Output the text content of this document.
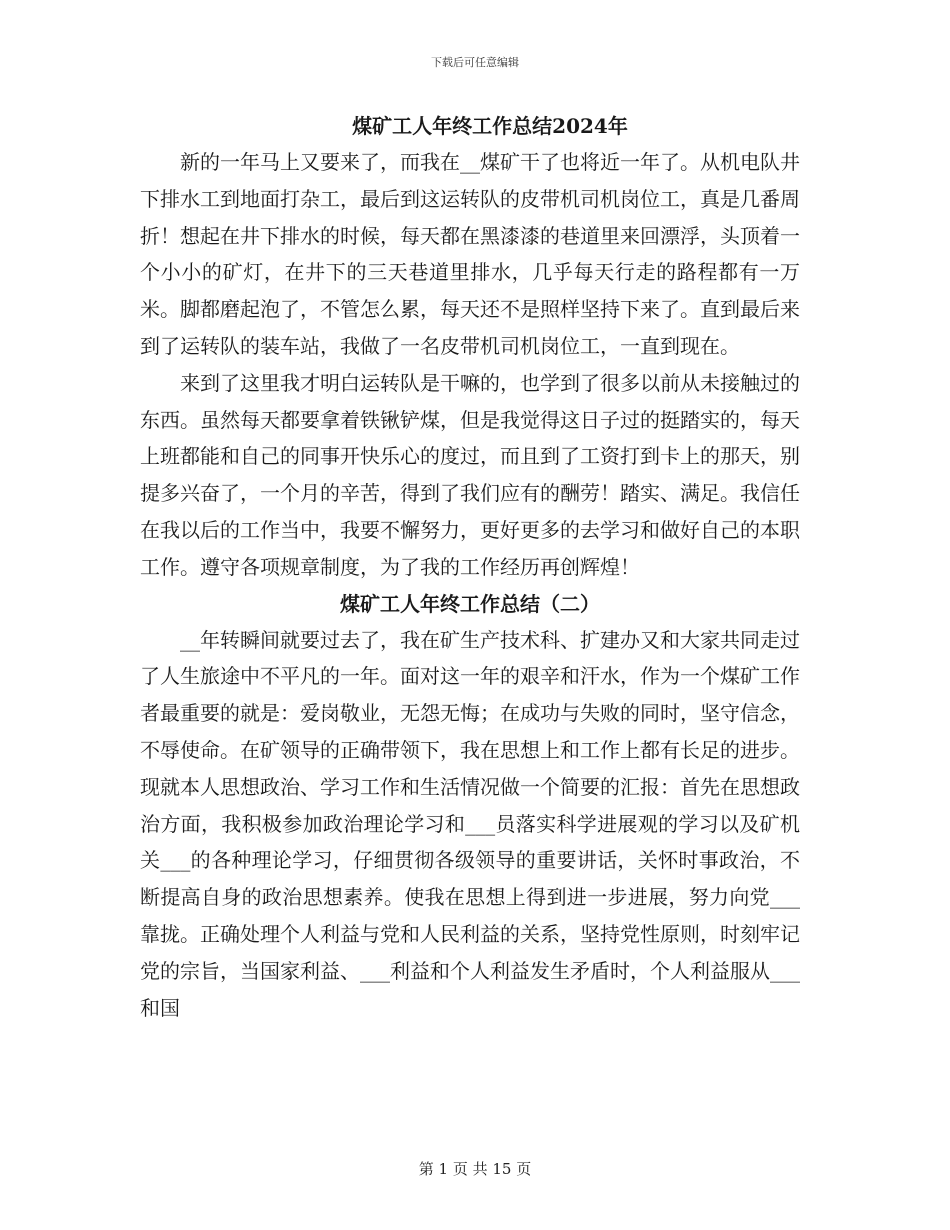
下载后可任意编辑
煤矿工人年终工作总结2024年

新的一年马上又要来了，而我在__煤矿干了也将近一年了。从机电队井下排水工到地面打杂工，最后到这运转队的皮带机司机岗位工，真是几番周折！想起在井下排水的时候，每天都在黑漆漆的巷道里来回漂浮，头顶着一个小小的矿灯，在井下的三天巷道里排水，几乎每天行走的路程都有一万米。脚都磨起泡了，不管怎么累，每天还不是照样坚持下来了。直到最后来到了运转队的装车站，我做了一名皮带机司机岗位工，一直到现在。

来到了这里我才明白运转队是干嘛的，也学到了很多以前从未接触过的东西。虽然每天都要拿着铁锹铲煤，但是我觉得这日子过的挺踏实的，每天上班都能和自己的同事开快乐心的度过，而且到了工资打到卡上的那天，别提多兴奋了，一个月的辛苦，得到了我们应有的酬劳！踏实、满足。我信任在我以后的工作当中，我要不懈努力，更好更多的去学习和做好自己的本职工作。遵守各项规章制度，为了我的工作经历再创辉煌！

煤矿工人年终工作总结（二）

__年转瞬间就要过去了，我在矿生产技术科、扩建办又和大家共同走过了人生旅途中不平凡的一年。面对这一年的艰辛和汗水，作为一个煤矿工作者最重要的就是：爱岗敬业，无怨无悔；在成功与失败的同时，坚守信念，不辱使命。在矿领导的正确带领下，我在思想上和工作上都有长足的进步。现就本人思想政治、学习工作和生活情况做一个简要的汇报：首先在思想政治方面，我积极参加政治理论学习和___员落实科学进展观的学习以及矿机关___的各种理论学习，仔细贯彻各级领导的重要讲话，关怀时事政治，不断提高自身的政治思想素养。使我在思想上得到进一步进展，努力向党___靠拢。正确处理个人利益与党和人民利益的关系，坚持党性原则，时刻牢记党的宗旨，当国家利益、___利益和个人利益发生矛盾时，个人利益服从___和国

第 1 页 共 15 页
